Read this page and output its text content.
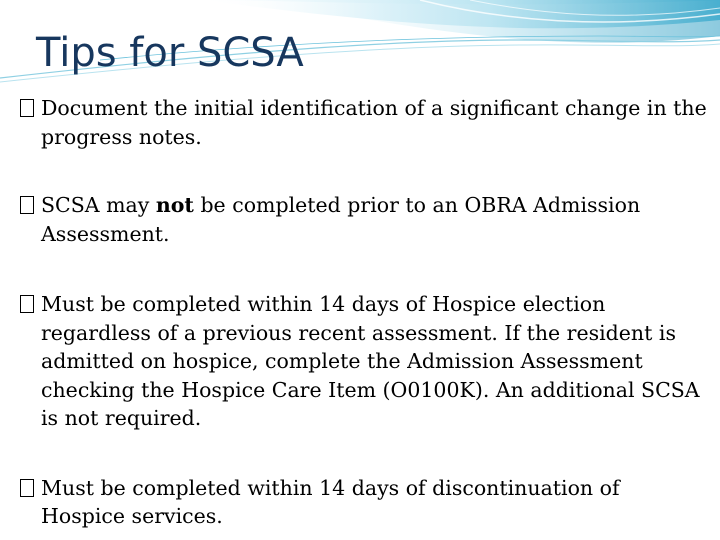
Tips for SCSA
Document the initial identification of a significant change in the progress notes.
SCSA may not be completed prior to an OBRA Admission Assessment.
Must be completed within 14 days of Hospice election regardless of a previous recent assessment. If the resident is admitted on hospice, complete the Admission Assessment checking the Hospice Care Item (O0100K). An additional SCSA is not required.
Must be completed within 14 days of discontinuation of Hospice services.
